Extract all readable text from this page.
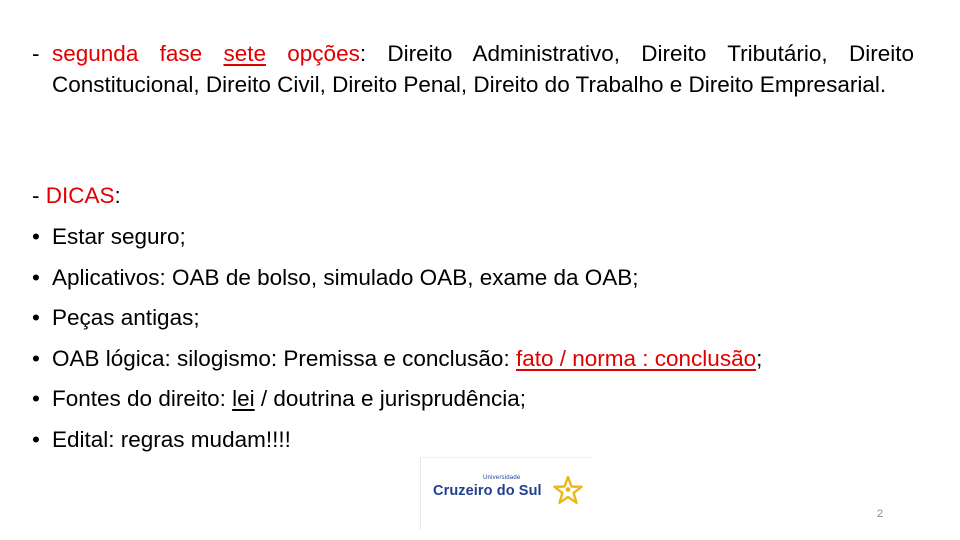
- segunda fase sete opções: Direito Administrativo, Direito Tributário, Direito Constitucional, Direito Civil, Direito Penal, Direito do Trabalho e Direito Empresarial.
- DICAS:
• Estar seguro;
• Aplicativos: OAB de bolso, simulado OAB, exame da OAB;
• Peças antigas;
• OAB lógica: silogismo: Premissa e conclusão: fato / norma : conclusão;
• Fontes do direito: lei / doutrina e jurisprudência;
• Edital: regras mudam!!!!
Universidade
Cruzeiro do Sul
2
